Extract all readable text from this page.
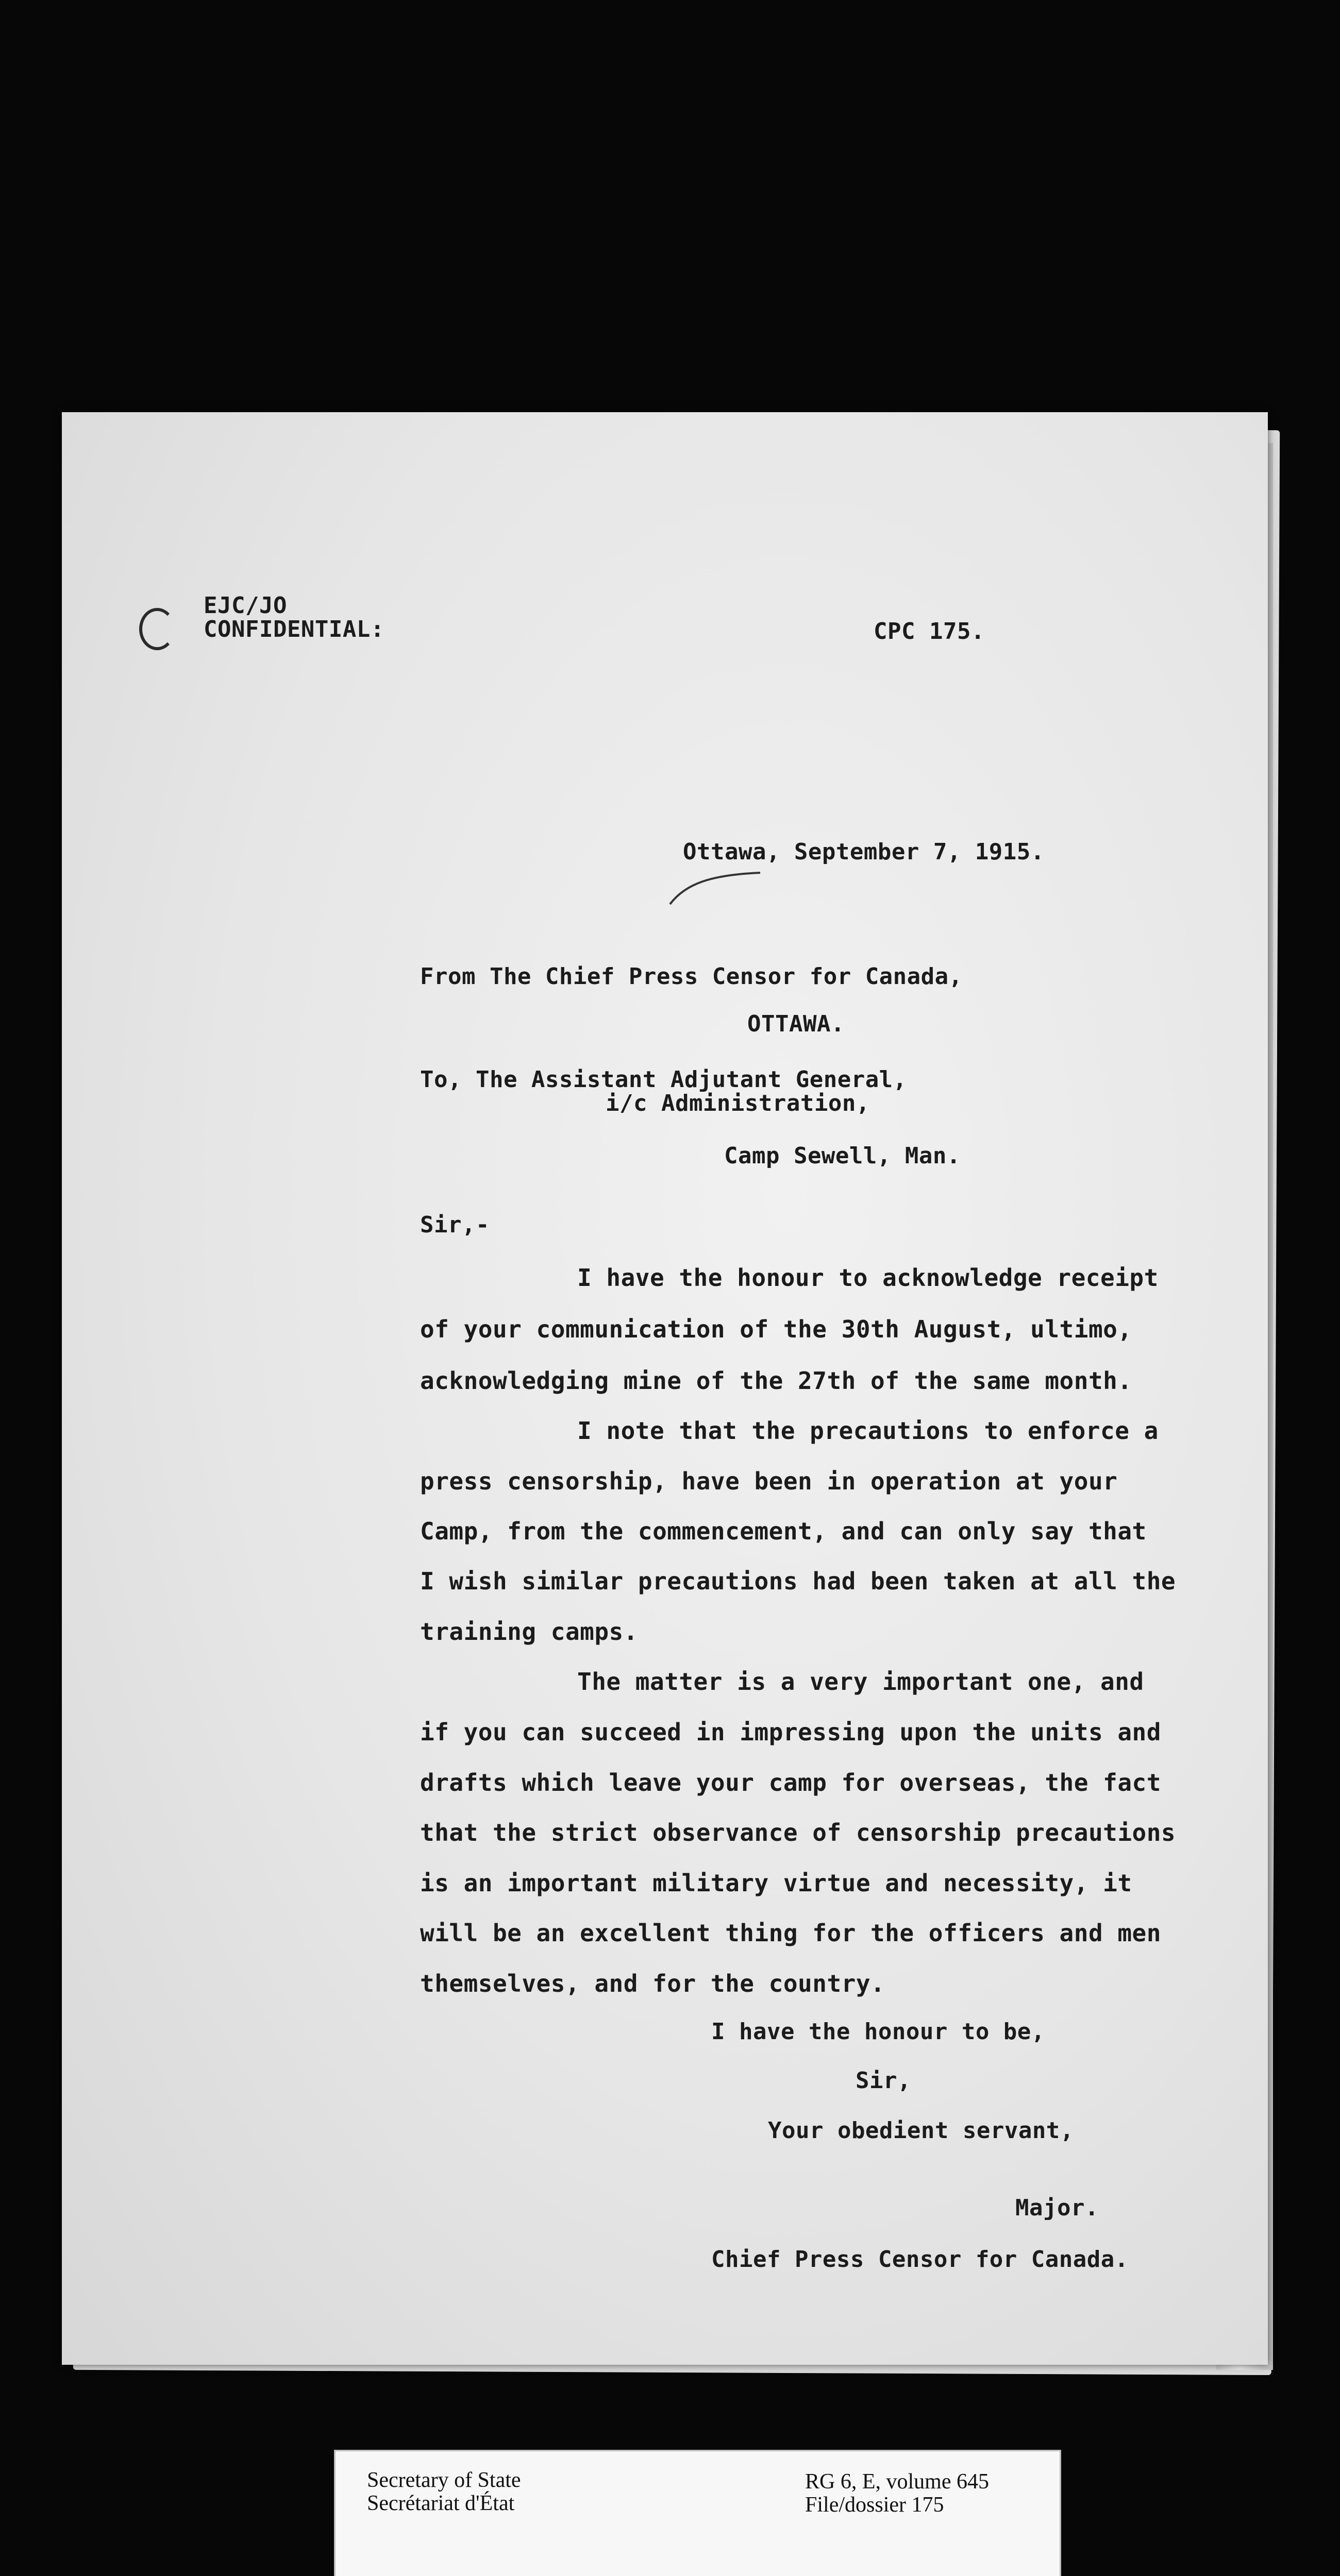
EJC/JO
CONFIDENTIAL:	CPC 175.
Ottawa, September 7, 1915.
From The Chief Press Censor for Canada,
OTTAWA.
To, The Assistant Adjutant General,
i/c Administration,
Camp Sewell, Man.
Sir,-
I have the honour to acknowledge receipt
of your communication of the 30th August, ultimo,
acknowledging mine of the 27th of the same month.
I note that the precautions to enforce a
press censorship, have been in operation at your
Camp, from the commencement, and can only say that
I wish similar precautions had been taken at all the
training camps.
The matter is a very important one, and
if you can succeed in impressing upon the units and
drafts which leave your camp for overseas, the fact
that the strict observance of censorship precautions
is an important military virtue and necessity, it
will be an excellent thing for the officers and men
themselves, and for the country.
I have the honour to be,
Sir,
Your obedient servant,
Major.
Chief Press Censor for Canada.
Secretary of State
Secrétariat d'État
RG 6, E, volume 645
File/dossier 175
